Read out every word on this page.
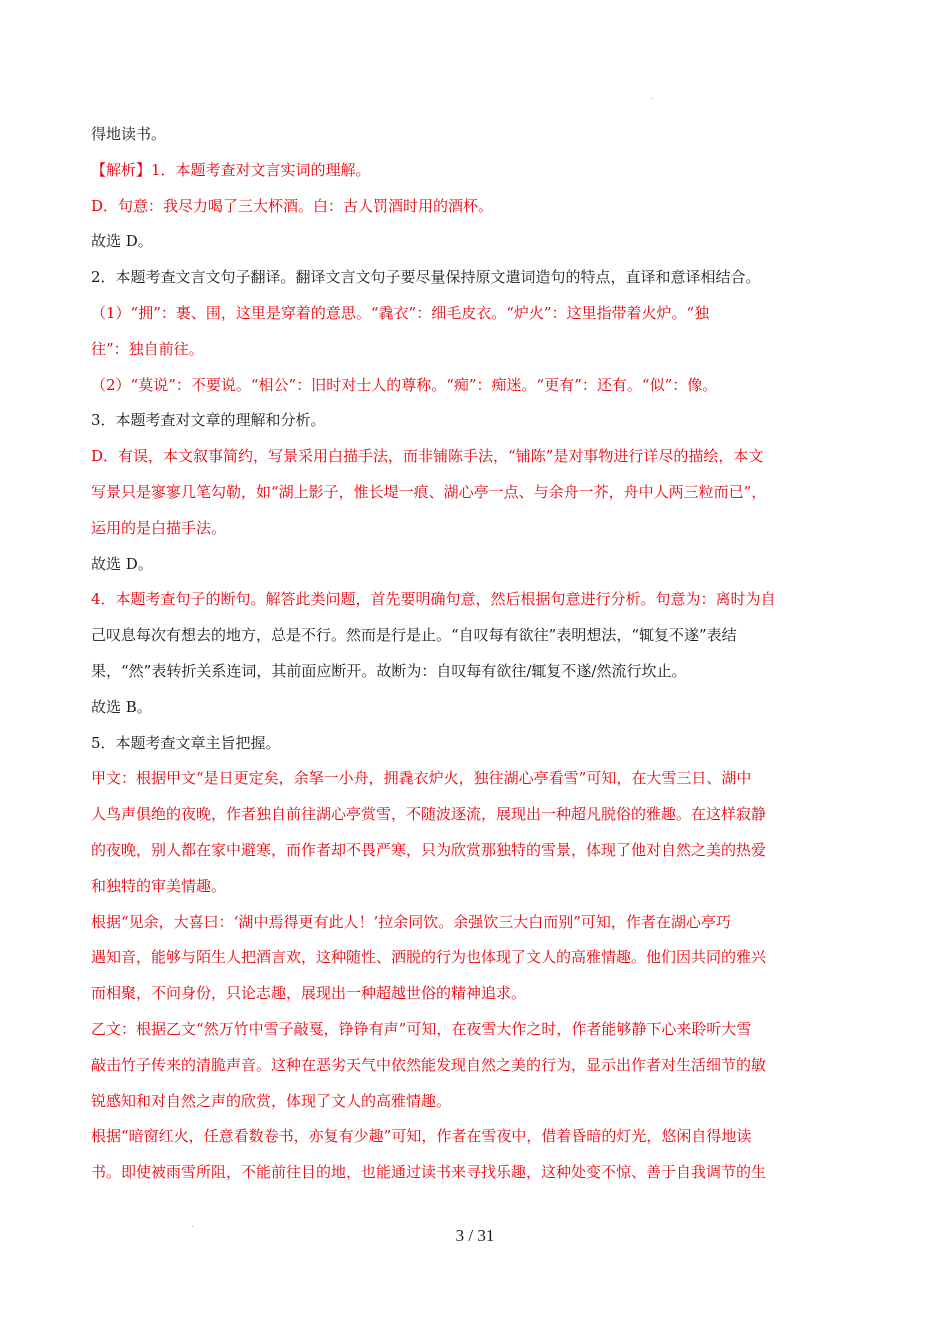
得地读书。

【解析】1．本题考查对文言实词的理解。

D．句意：我尽力喝了三大杯酒。白：古人罚酒时用的酒杯。

故选 D。

2．本题考查文言文句子翻译。翻译文言文句子要尽量保持原文遣词造句的特点，直译和意译相结合。

（1）“拥”：裹、围，这里是穿着的意思。“毳衣”：细毛皮衣。“炉火”：这里指带着火炉。“独

往”：独自前往。

（2）“莫说”：不要说。“相公”：旧时对士人的尊称。“痴”：痴迷。“更有”：还有。“似”：像。

3．本题考查对文章的理解和分析。

D．有误，本文叙事简约，写景采用白描手法，而非铺陈手法，“铺陈”是对事物进行详尽的描绘，本文

写景只是寥寥几笔勾勒，如“湖上影子，惟长堤一痕、湖心亭一点、与余舟一芥，舟中人两三粒而已”，

运用的是白描手法。

故选 D。

4．本题考查句子的断句。解答此类问题，首先要明确句意，然后根据句意进行分析。句意为：离时为自

己叹息每次有想去的地方，总是不行。然而是行是止。“自叹每有欲往”表明想法，“辄复不遂”表结

果，“然”表转折关系连词，其前面应断开。故断为：自叹每有欲往/辄复不遂/然流行坎止。

故选 B。

5．本题考查文章主旨把握。

甲文：根据甲文“是日更定矣，余拏一小舟，拥毳衣炉火，独往湖心亭看雪”可知，在大雪三日、湖中

人鸟声俱绝的夜晚，作者独自前往湖心亭赏雪，不随波逐流，展现出一种超凡脱俗的雅趣。在这样寂静

的夜晚，别人都在家中避寒，而作者却不畏严寒，只为欣赏那独特的雪景，体现了他对自然之美的热爱

和独特的审美情趣。

根据“见余，大喜曰：‘湖中焉得更有此人！’拉余同饮。余强饮三大白而别”可知，作者在湖心亭巧

遇知音，能够与陌生人把酒言欢，这种随性、洒脱的行为也体现了文人的高雅情趣。他们因共同的雅兴

而相聚，不问身份，只论志趣，展现出一种超越世俗的精神追求。

乙文：根据乙文“然万竹中雪子敲戛，铮铮有声”可知，在夜雪大作之时，作者能够静下心来聆听大雪

敲击竹子传来的清脆声音。这种在恶劣天气中依然能发现自然之美的行为，显示出作者对生活细节的敏

锐感知和对自然之声的欣赏，体现了文人的高雅情趣。

根据“暗窗红火，任意看数卷书，亦复有少趣”可知，作者在雪夜中，借着昏暗的灯光，悠闲自得地读

书。即使被雨雪所阻，不能前往目的地，也能通过读书来寻找乐趣，这种处变不惊、善于自我调节的生

3 / 31
